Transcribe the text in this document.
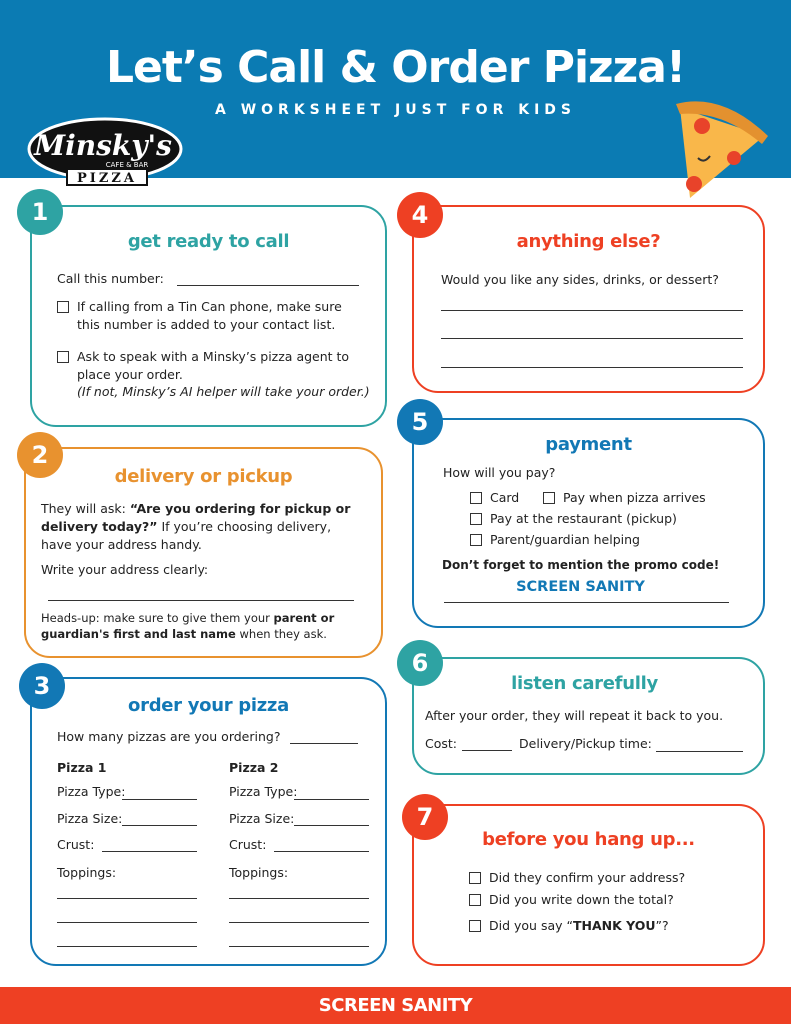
Let’s Call & Order Pizza!
A WORKSHEET JUST FOR KIDS
Minsky's
CAFE & BAR
PIZZA
1
get ready to call
Call this number:
If calling from a Tin Can phone, make sure
this number is added to your contact list.
Ask to speak with a Minsky’s pizza agent to
place your order.
(If not, Minsky’s AI helper will take your order.)
2
delivery or pickup
They will ask: “Are you ordering for pickup or
delivery today?” If you’re choosing delivery,
have your address handy.
Write your address clearly:
Heads-up: make sure to give them your parent or
guardian's first and last name when they ask.
3
order your pizza
How many pizzas are you ordering?
Pizza 1	Pizza 2
Pizza Type:	Pizza Type:
Pizza Size:	Pizza Size:
Crust:	Crust:
Toppings:	Toppings:
4
anything else?
Would you like any sides, drinks, or dessert?
5
payment
How will you pay?
Card	Pay when pizza arrives
Pay at the restaurant (pickup)
Parent/guardian helping
Don’t forget to mention the promo code!
SCREEN SANITY
6
listen carefully
After your order, they will repeat it back to you.
Cost:	Delivery/Pickup time:
7
before you hang up...
Did they confirm your address?
Did you write down the total?
Did you say “THANK YOU”?
SCREEN SANITY
